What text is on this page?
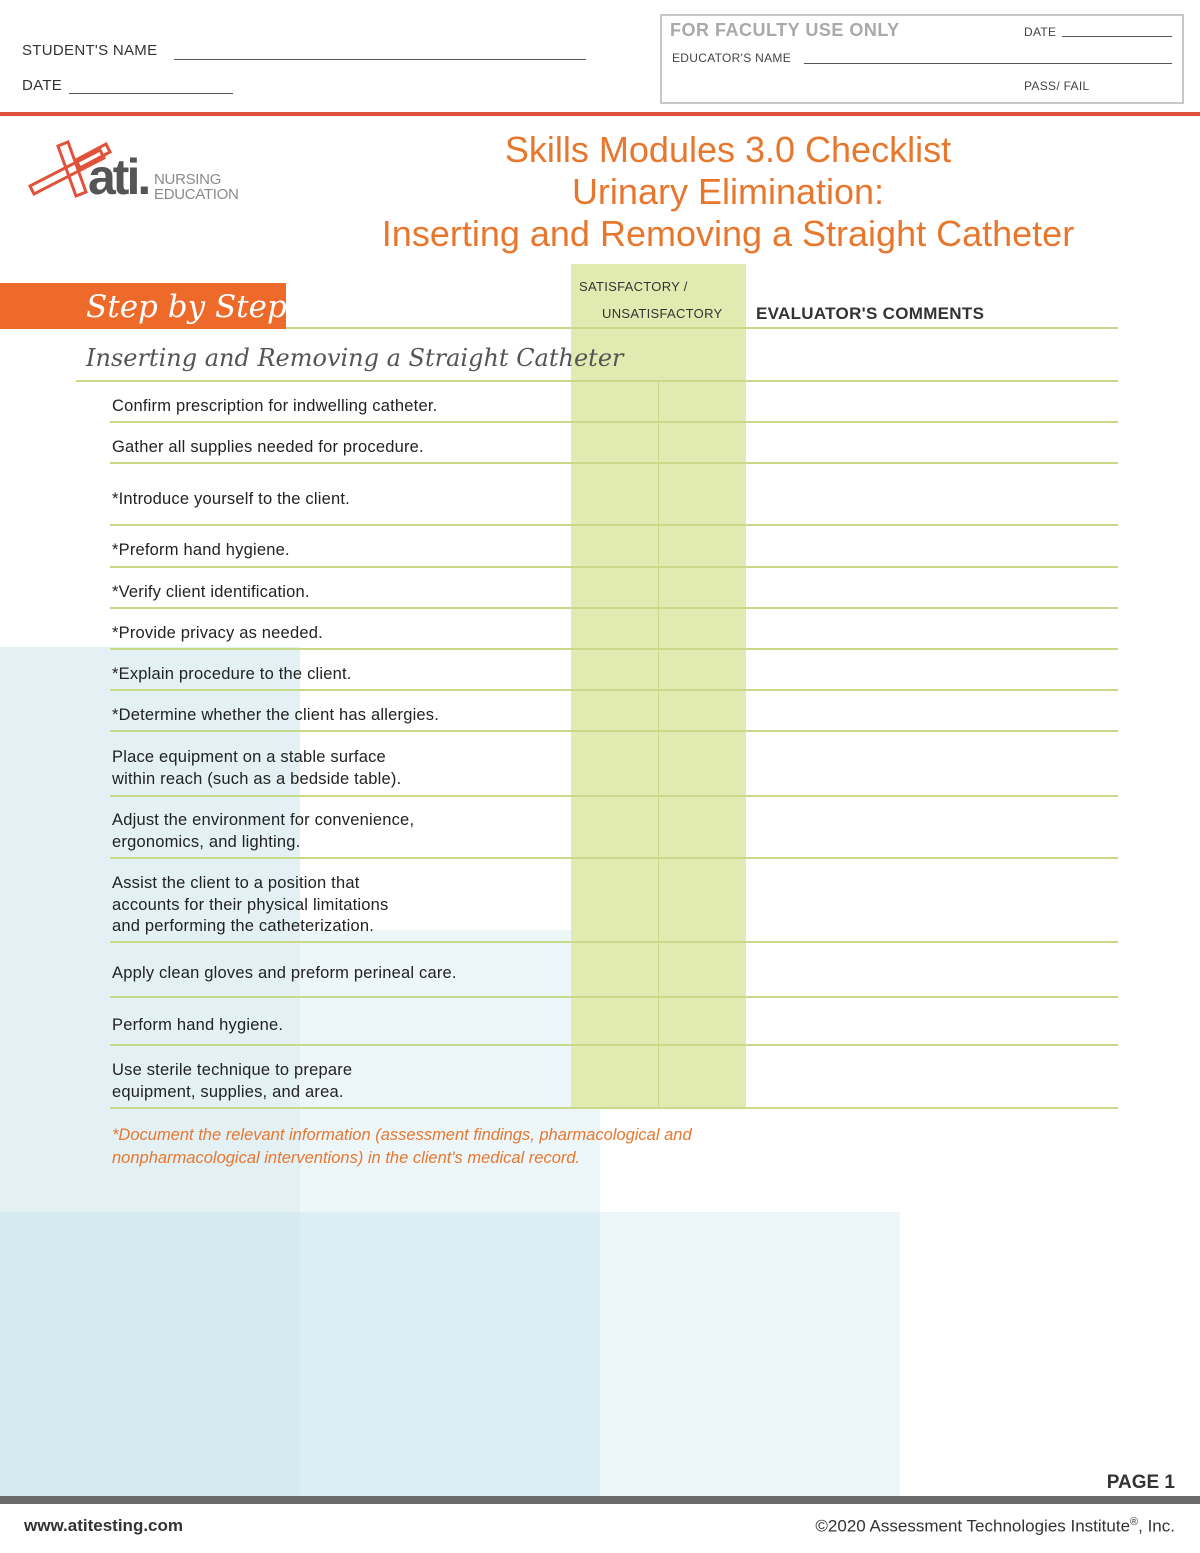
STUDENT'S NAME
DATE
FOR FACULTY USE ONLY	DATE
EDUCATOR'S NAME
PASS/ FAIL
ati. NURSING
EDUCATION
Skills Modules 3.0 Checklist
Urinary Elimination:
Inserting and Removing a Straight Catheter
Step by Step
SATISFACTORY /
UNSATISFACTORY EVALUATOR'S COMMENTS
Inserting and Removing a Straight Catheter
Confirm prescription for indwelling catheter.
Gather all supplies needed for procedure.
*Introduce yourself to the client.
*Preform hand hygiene.
*Verify client identification.
*Provide privacy as needed.
*Explain procedure to the client.
*Determine whether the client has allergies.
Place equipment on a stable surface
within reach (such as a bedside table).
Adjust the environment for convenience,
ergonomics, and lighting.
Assist the client to a position that
accounts for their physical limitations
and performing the catheterization.
Apply clean gloves and preform perineal care.
Perform hand hygiene.
Use sterile technique to prepare
equipment, supplies, and area.
*Document the relevant information (assessment findings, pharmacological and
nonpharmacological interventions) in the client's medical record.
PAGE 1
www.atitesting.com	©2020 Assessment Technologies Institute®, Inc.
